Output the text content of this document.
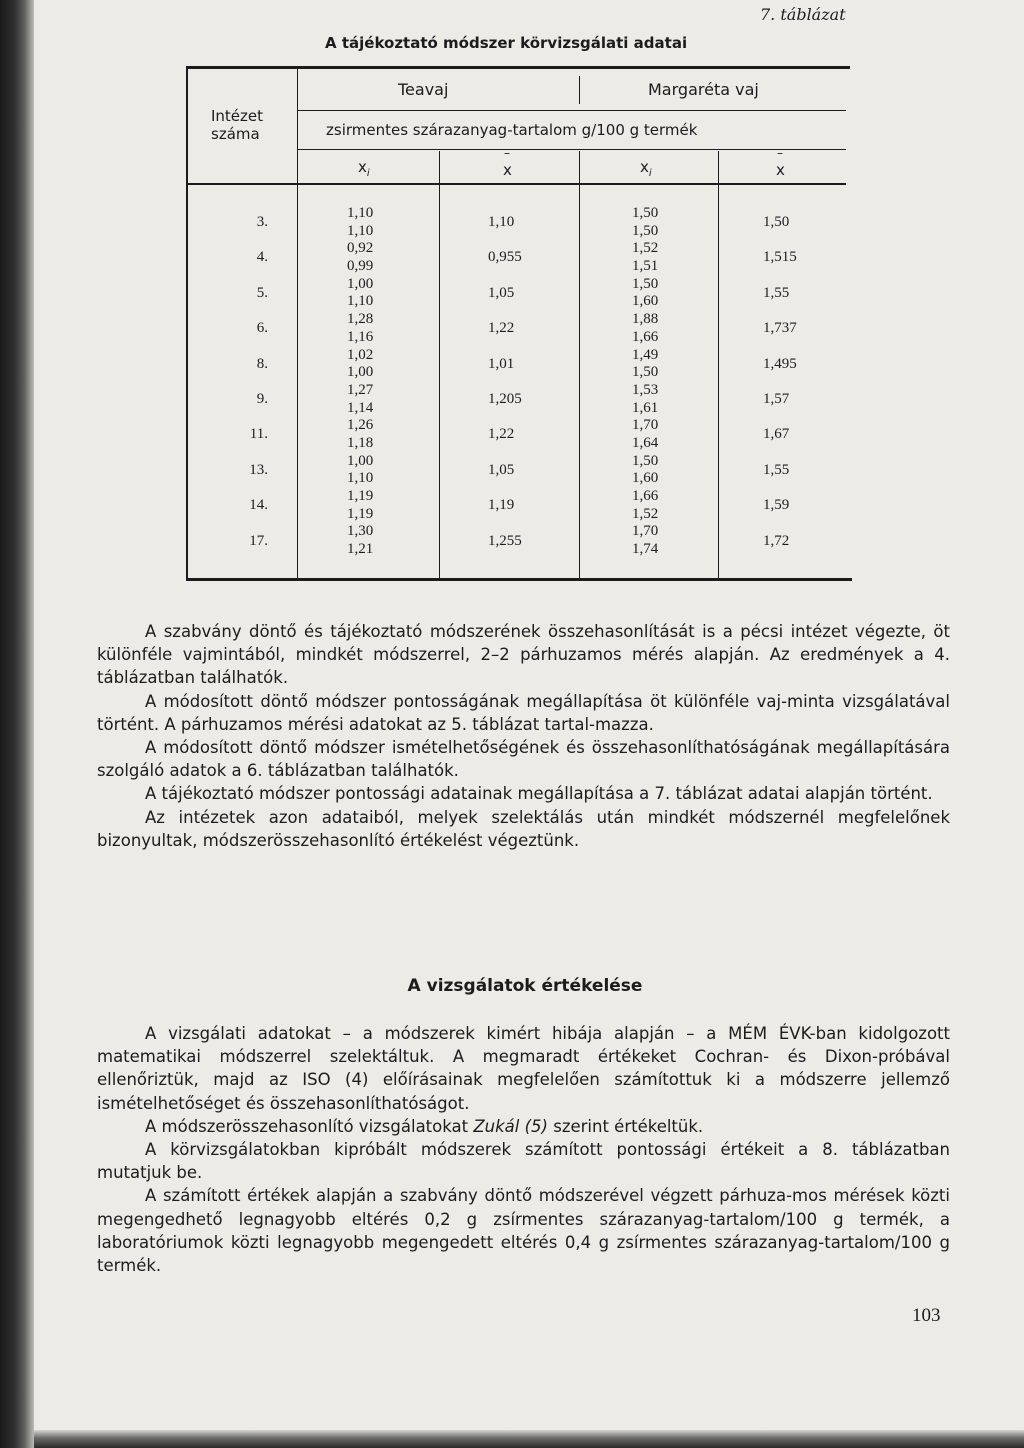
7. táblázat
A tájékoztató módszer körvizsgálati adatai
Intézet
száma
Teavaj	Margaréta vaj
zsirmentes szárazanyag-tartalom g/100 g termék
$x_i$
–
x	$x_i$
–
x
3.
4.
5.
6.
8.
9.
11.
13.
14.
17.
1,10
1,10
0,92
0,99
1,00
1,10
1,28
1,16
1,02
1,00
1,27
1,14
1,26
1,18
1,00
1,10
1,19
1,19
1,30
1,21
1,10
0,955
1,05
1,22
1,01
1,205
1,22
1,05
1,19
1,255
1,50
1,50
1,52
1,51
1,50
1,60
1,88
1,66
1,49
1,50
1,53
1,61
1,70
1,64
1,50
1,60
1,66
1,52
1,70
1,74
1,50
1,515
1,55
1,737
1,495
1,57
1,67
1,55
1,59
1,72

A szabvány döntő és tájékoztató módszerének összehasonlítását is a pécsi intézet végezte, öt különféle vajmintából, mindkét módszerrel, 2–2 párhuzamos mérés alapján. Az eredmények a 4. táblázatban találhatók.

A módosított döntő módszer pontosságának megállapítása öt különféle vaj-minta vizsgálatával történt. A párhuzamos mérési adatokat az 5. táblázat tartal-mazza.

A módosított döntő módszer ismételhetőségének és összehasonlíthatóságának megállapítására szolgáló adatok a 6. táblázatban találhatók.

A tájékoztató módszer pontossági adatainak megállapítása a 7. táblázat adatai alapján történt.

Az intézetek azon adataiból, melyek szelektálás után mindkét módszernél megfelelőnek bizonyultak, módszerösszehasonlító értékelést végeztünk.

A vizsgálatok értékelése

A vizsgálati adatokat – a módszerek kimért hibája alapján – a MÉM ÉVK-ban kidolgozott matematikai módszerrel szelektáltuk. A megmaradt értékeket Cochran- és Dixon-próbával ellenőriztük, majd az ISO (4) előírásainak megfelelően számítottuk ki a módszerre jellemző ismételhetőséget és összehasonlíthatóságot.

A módszerösszehasonlító vizsgálatokat Zukál (5) szerint értékeltük.

A körvizsgálatokban kipróbált módszerek számított pontossági értékeit a 8. táblázatban mutatjuk be.

A számított értékek alapján a szabvány döntő módszerével végzett párhuza-mos mérések közti megengedhető legnagyobb eltérés 0,2 g zsírmentes szárazanyag-tartalom/100 g termék, a laboratóriumok közti legnagyobb megengedett eltérés 0,4 g zsírmentes szárazanyag-tartalom/100 g termék.

103
